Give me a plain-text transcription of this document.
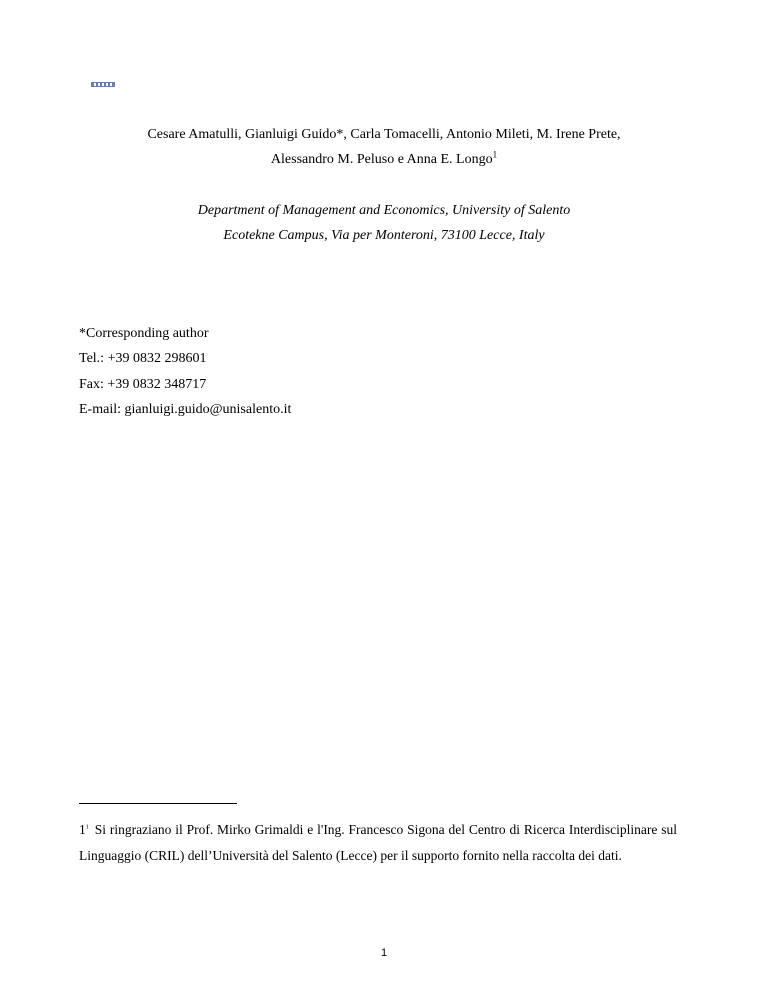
Cesare Amatulli, Gianluigi Guido*, Carla Tomacelli, Antonio Mileti, M. Irene Prete,
Alessandro M. Peluso e Anna E. Longo$^1$
Department of Management and Economics, University of Salento
Ecotekne Campus, Via per Monteroni, 73100 Lecce, Italy
*Corresponding author
Tel.: +39 0832 298601
Fax: +39 0832 348717
E-mail: gianluigi.guido@unisalento.it
$1^1$ Si ringraziano il Prof. Mirko Grimaldi e l'Ing. Francesco Sigona del Centro di Ricerca Interdisciplinare sul Linguaggio (CRIL) dell’Università del Salento (Lecce) per il supporto fornito nella raccolta dei dati.
1
